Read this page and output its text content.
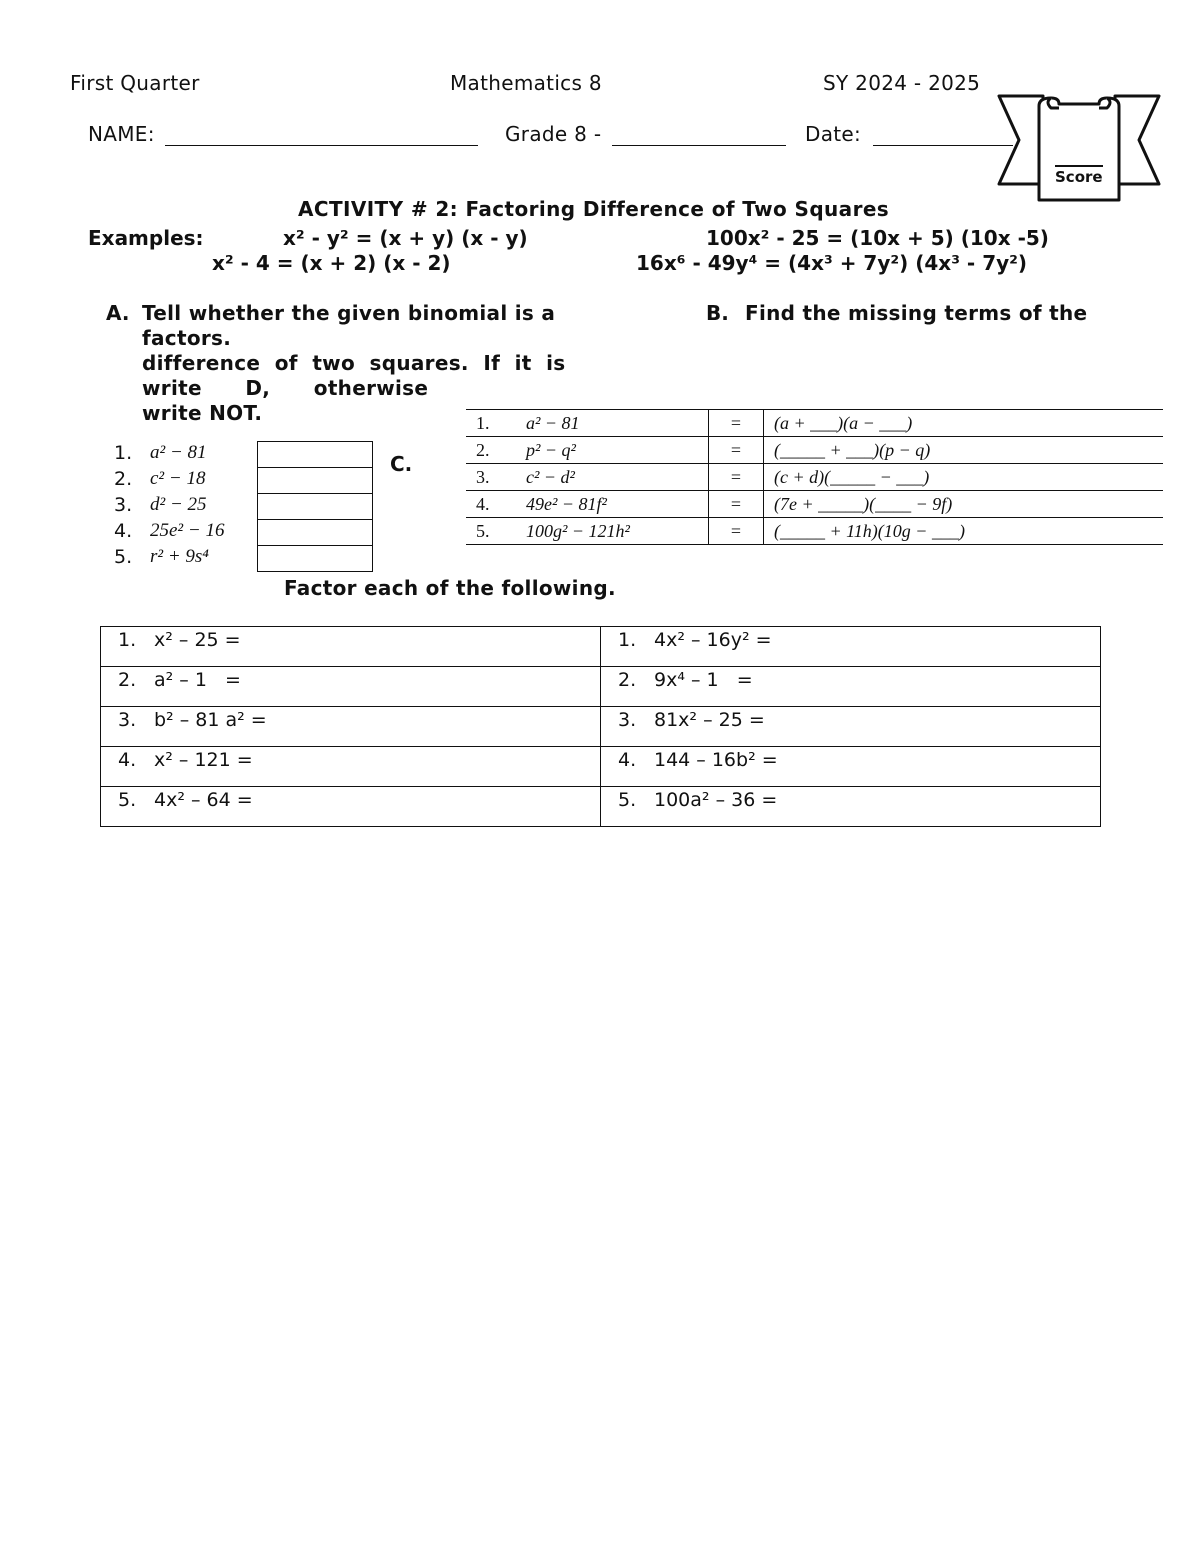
First Quarter	Mathematics 8	SY 2024 - 2025
NAME:	Grade 8 -	Date:
Score
ACTIVITY # 2: Factoring Difference of Two Squares
Examples:	x² - y² = (x + y) (x - y)	100x² - 25 = (10x + 5) (10x -5)
x² - 4 = (x + 2) (x - 2)	16x⁶ - 49y⁴ = (4x³ + 7y²) (4x³ - 7y²)
A. Tell whether the given binomial is a
factors.
difference  of  two  squares.  If  it  is
write      D,      otherwise
write NOT.
B. Find the missing terms of the
1. a² − 81
2. c² − 18
3. d² − 25
4. 25e² − 16
5. r² + 9s⁴
C.
1.	a² − 81	=	(a + ___)(a − ___)
2.	p² − q²	=	(_____ + ___)(p − q)
3.	c² − d²	=	(c + d)(_____ − ___)
4.	49e² − 81f²	=	(7e + _____)(____ − 9f)
5.	100g² − 121h²	=	(_____ + 11h)(10g − ___)
Factor each of the following.
1. x² – 25 =	1. 4x² – 16y² =
2. a² – 1   =	2. 9x⁴ – 1   =
3. b² – 81 a² =	3. 81x² – 25 =
4. x² – 121 =	4. 144 – 16b² =
5. 4x² – 64 =	5. 100a² – 36 =
